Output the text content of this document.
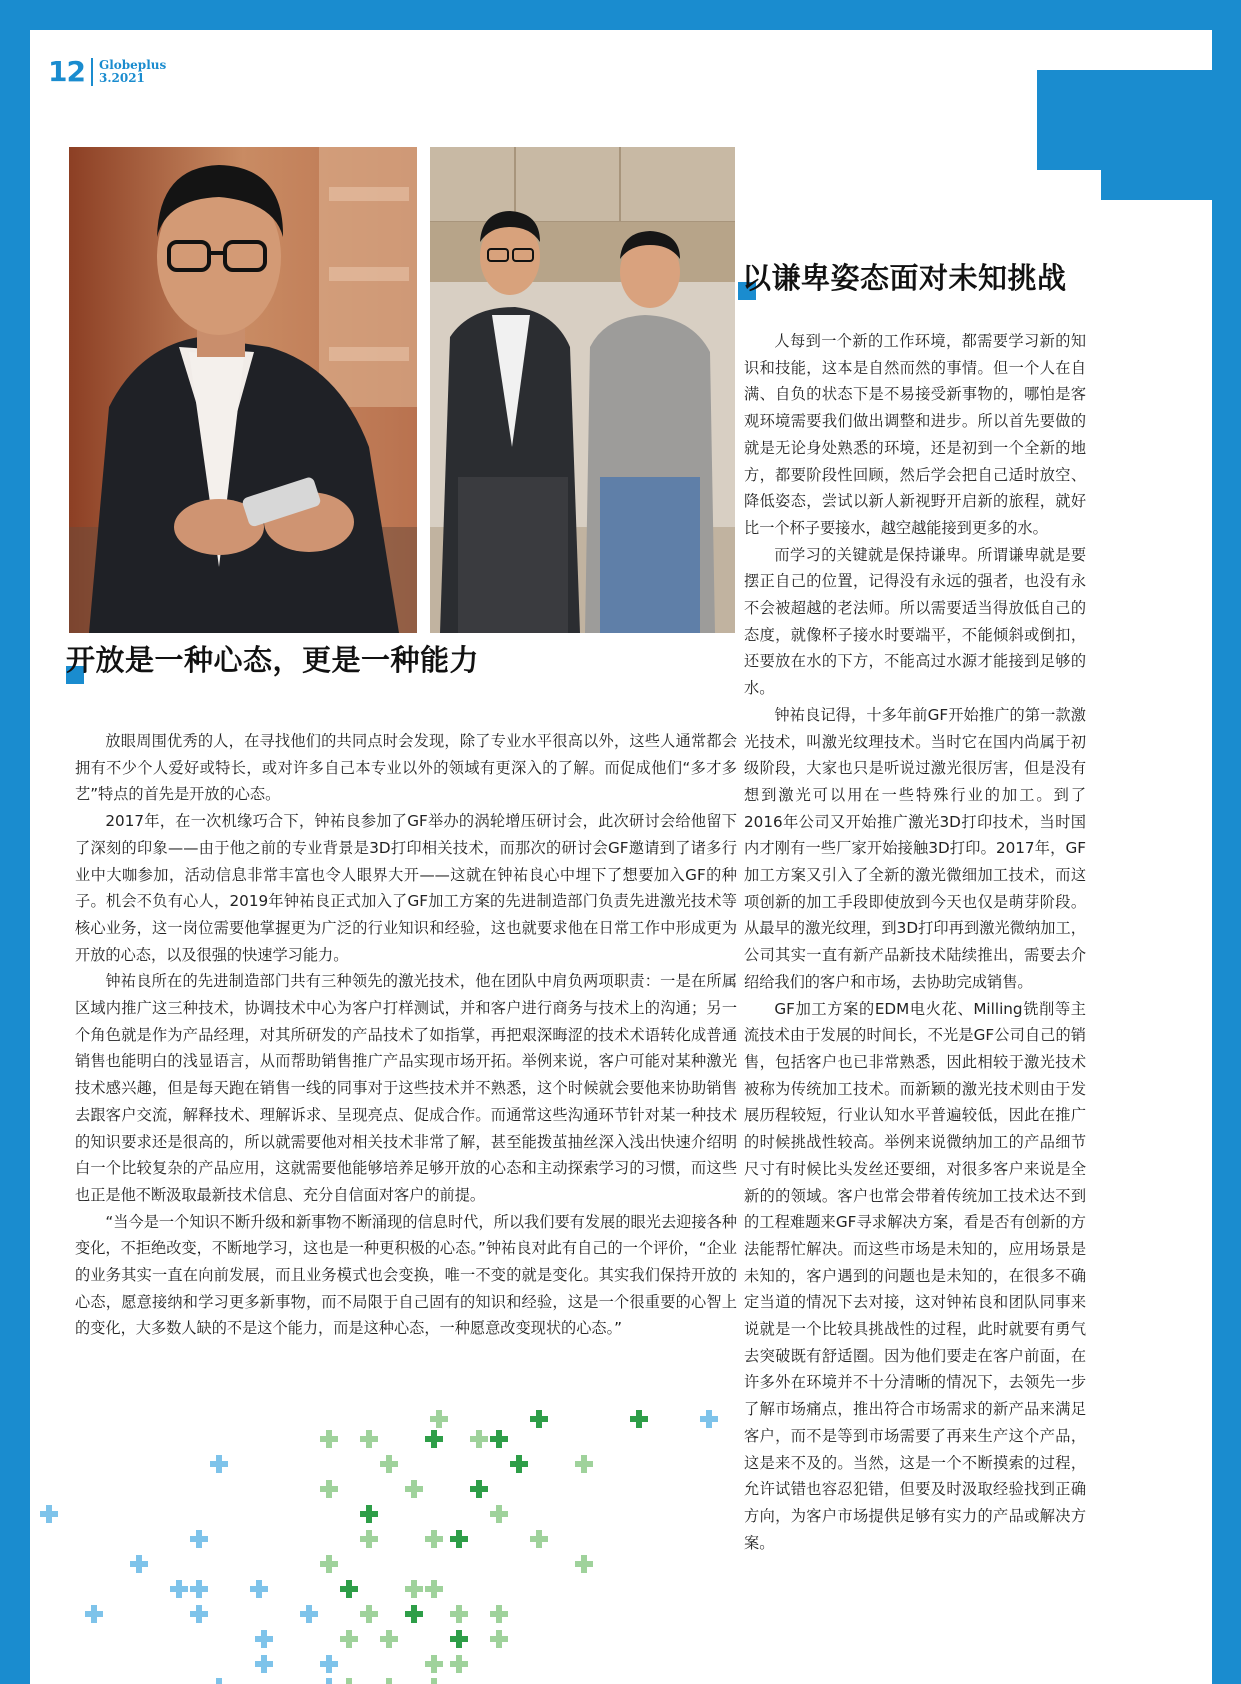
12 Globeplus
3.2021
开放是一种心态，更是一种能力

放眼周围优秀的人，在寻找他们的共同点时会发现，除了专业水平很高以外，这些人通常都会拥有不少个人爱好或特长，或对许多自己本专业以外的领域有更深入的了解。而促成他们“多才多艺”特点的首先是开放的心态。

2017年，在一次机缘巧合下，钟祐良参加了GF举办的涡轮增压研讨会，此次研讨会给他留下了深刻的印象——由于他之前的专业背景是3D打印相关技术，而那次的研讨会GF邀请到了诸多行业中大咖参加，活动信息非常丰富也令人眼界大开——这就在钟祐良心中埋下了想要加入GF的种子。机会不负有心人，2019年钟祐良正式加入了GF加工方案的先进制造部门负责先进激光技术等核心业务，这一岗位需要他掌握更为广泛的行业知识和经验，这也就要求他在日常工作中形成更为开放的心态，以及很强的快速学习能力。

钟祐良所在的先进制造部门共有三种领先的激光技术，他在团队中肩负两项职责：一是在所属区域内推广这三种技术，协调技术中心为客户打样测试，并和客户进行商务与技术上的沟通；另一个角色就是作为产品经理，对其所研发的产品技术了如指掌，再把艰深晦涩的技术术语转化成普通销售也能明白的浅显语言，从而帮助销售推广产品实现市场开拓。举例来说，客户可能对某种激光技术感兴趣，但是每天跑在销售一线的同事对于这些技术并不熟悉，这个时候就会要他来协助销售去跟客户交流，解释技术、理解诉求、呈现亮点、促成合作。而通常这些沟通环节针对某一种技术的知识要求还是很高的，所以就需要他对相关技术非常了解，甚至能拨茧抽丝深入浅出快速介绍明白一个比较复杂的产品应用，这就需要他能够培养足够开放的心态和主动探索学习的习惯，而这些也正是他不断汲取最新技术信息、充分自信面对客户的前提。

“当今是一个知识不断升级和新事物不断涌现的信息时代，所以我们要有发展的眼光去迎接各种变化，不拒绝改变，不断地学习，这也是一种更积极的心态。”钟祐良对此有自己的一个评价，“企业的业务其实一直在向前发展，而且业务模式也会变换，唯一不变的就是变化。其实我们保持开放的心态，愿意接纳和学习更多新事物，而不局限于自己固有的知识和经验，这是一个很重要的心智上的变化，大多数人缺的不是这个能力，而是这种心态，一种愿意改变现状的心态。”

以谦卑姿态面对未知挑战

人每到一个新的工作环境，都需要学习新的知识和技能，这本是自然而然的事情。但一个人在自满、自负的状态下是不易接受新事物的，哪怕是客观环境需要我们做出调整和进步。所以首先要做的就是无论身处熟悉的环境，还是初到一个全新的地方，都要阶段性回顾，然后学会把自己适时放空、降低姿态，尝试以新人新视野开启新的旅程，就好比一个杯子要接水，越空越能接到更多的水。

而学习的关键就是保持谦卑。所谓谦卑就是要摆正自己的位置，记得没有永远的强者，也没有永不会被超越的老法师。所以需要适当得放低自己的态度，就像杯子接水时要端平，不能倾斜或倒扣，还要放在水的下方，不能高过水源才能接到足够的水。

钟祐良记得，十多年前GF开始推广的第一款激光技术，叫激光纹理技术。当时它在国内尚属于初级阶段，大家也只是听说过激光很厉害，但是没有想到激光可以用在一些特殊行业的加工。到了2016年公司又开始推广激光3D打印技术，当时国内才刚有一些厂家开始接触3D打印。2017年，GF加工方案又引入了全新的激光微细加工技术，而这项创新的加工手段即使放到今天也仅是萌芽阶段。从最早的激光纹理，到3D打印再到激光微纳加工，公司其实一直有新产品新技术陆续推出，需要去介绍给我们的客户和市场，去协助完成销售。

GF加工方案的EDM电火花、Milling铣削等主流技术由于发展的时间长，不光是GF公司自己的销售，包括客户也已非常熟悉，因此相较于激光技术被称为传统加工技术。而新颖的激光技术则由于发展历程较短，行业认知水平普遍较低，因此在推广的时候挑战性较高。举例来说微纳加工的产品细节尺寸有时候比头发丝还要细，对很多客户来说是全新的的领域。客户也常会带着传统加工技术达不到的工程难题来GF寻求解决方案，看是否有创新的方法能帮忙解决。而这些市场是未知的，应用场景是未知的，客户遇到的问题也是未知的，在很多不确定当道的情况下去对接，这对钟祐良和团队同事来说就是一个比较具挑战性的过程，此时就要有勇气去突破既有舒适圈。因为他们要走在客户前面，在许多外在环境并不十分清晰的情况下，去领先一步了解市场痛点，推出符合市场需求的新产品来满足客户，而不是等到市场需要了再来生产这个产品，这是来不及的。当然，这是一个不断摸索的过程，允许试错也容忍犯错，但要及时汲取经验找到正确方向，为客户市场提供足够有实力的产品或解决方案。
